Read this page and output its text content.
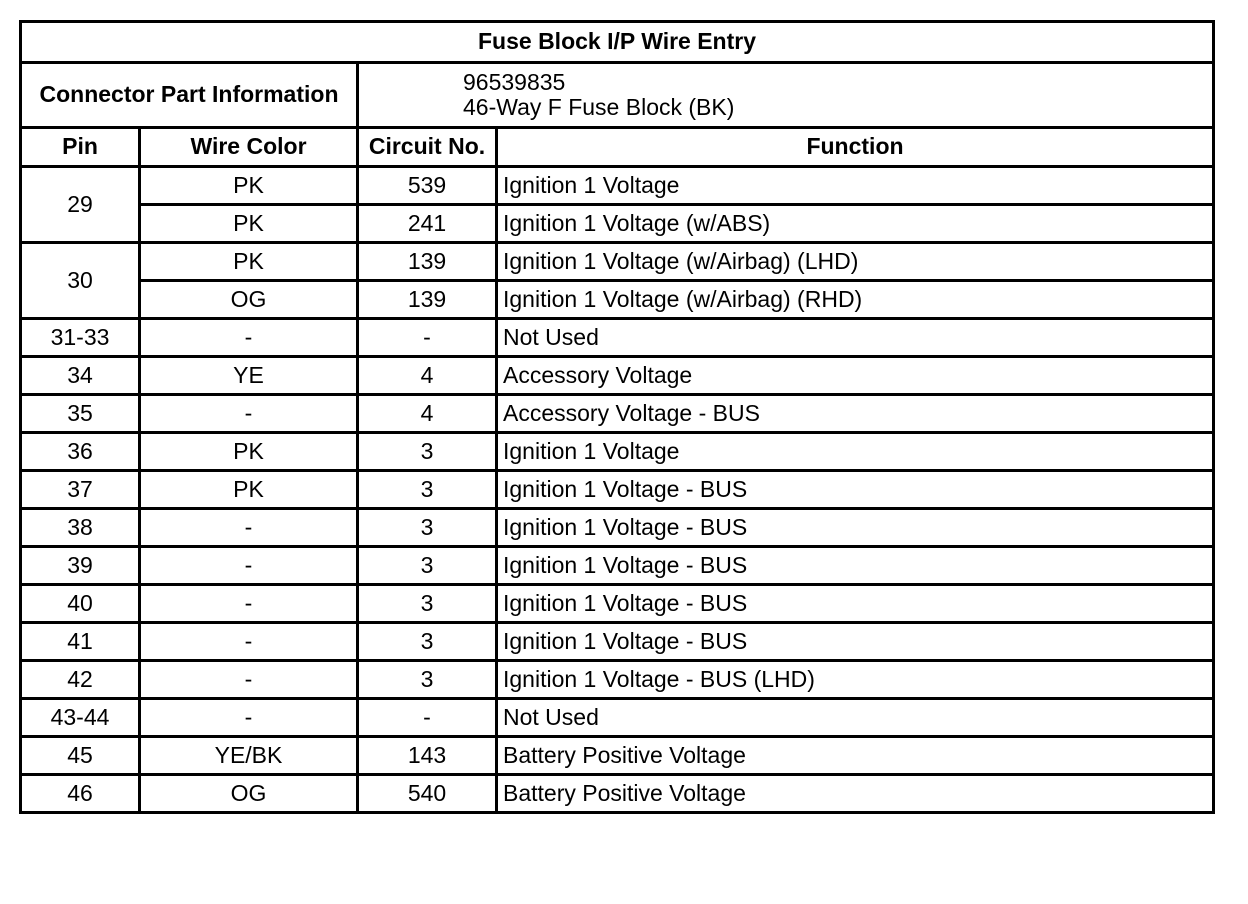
Fuse Block I/P Wire Entry			
Connector Part Information		96539835
46-Way F Fuse Block (BK)	

Pin	Wire Color	Circuit No.	Function
29	PK	539	Ignition 1 Voltage
	PK	241	Ignition 1 Voltage (w/ABS)
30	PK	139	Ignition 1 Voltage (w/Airbag) (LHD)
	OG	139	Ignition 1 Voltage (w/Airbag) (RHD)
31-33	-	-	Not Used
34	YE	4	Accessory Voltage
35	-	4	Accessory Voltage - BUS
36	PK	3	Ignition 1 Voltage
37	PK	3	Ignition 1 Voltage - BUS
38	-	3	Ignition 1 Voltage - BUS
39	-	3	Ignition 1 Voltage - BUS
40	-	3	Ignition 1 Voltage - BUS
41	-	3	Ignition 1 Voltage - BUS
42	-	3	Ignition 1 Voltage - BUS (LHD)
43-44	-	-	Not Used
45	YE/BK	143	Battery Positive Voltage
46	OG	540	Battery Positive Voltage
